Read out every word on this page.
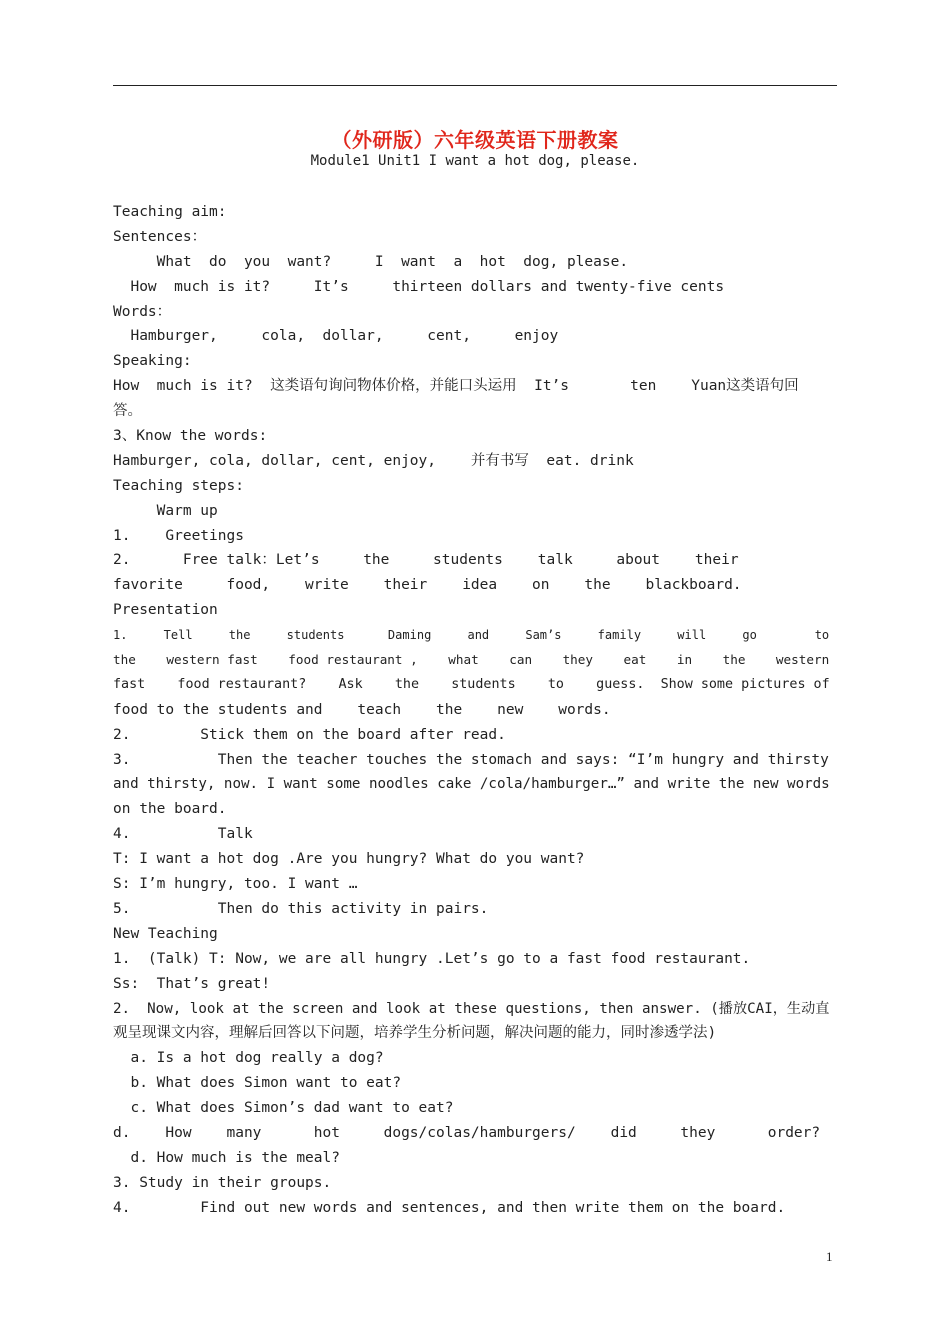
（外研版）六年级英语下册教案
Module1 Unit1 I want a hot dog, please.
Teaching aim:
Sentences：
What  do  you  want?     I  want  a  hot  dog, please.
How  much is it?     It’s     thirteen dollars and twenty-five cents
Words：
Hamburger,     cola,  dollar,     cent,     enjoy
Speaking:
How  much is it?  这类语句询问物体价格，并能口头运用  It’s       ten    Yuan这类语句回
答。
3、Know the words:
Hamburger, cola, dollar, cent, enjoy,    并有书写  eat. drink
Teaching steps:
Warm up
1.    Greetings
2.      Free talk：Let’s     the     students    talk     about    their
favorite     food,    write    their    idea    on    the    blackboard.
Presentation
1.     Tell     the     students      Daming     and     Sam’s     family     will     go        to
the    western fast    food restaurant ,    what    can    they    eat    in    the    western
fast    food restaurant?    Ask    the    students    to    guess.  Show some pictures of
food to the students and    teach    the    new    words.
2.        Stick them on the board after read.
3.          Then the teacher touches the stomach and says: “I’m hungry and thirsty
and thirsty, now. I want some noodles cake /cola/hamburger…” and write the new words
on the board.
4.          Talk
T: I want a hot dog .Are you hungry? What do you want?
S: I’m hungry, too. I want …
5.          Then do this activity in pairs.
New Teaching
1.  (Talk) T: Now, we are all hungry .Let’s go to a fast food restaurant.
Ss:  That’s great!
2.  Now, look at the screen and look at these questions, then answer. (播放CAI，生动直
观呈现课文内容，理解后回答以下问题，培养学生分析问题，解决问题的能力，同时渗透学法)
a. Is a hot dog really a dog?
b. What does Simon want to eat?
c. What does Simon’s dad want to eat?
d.    How    many      hot     dogs/colas/hamburgers/    did     they      order?
d. How much is the meal?
3. Study in their groups.
4.        Find out new words and sentences, and then write them on the board.
1
